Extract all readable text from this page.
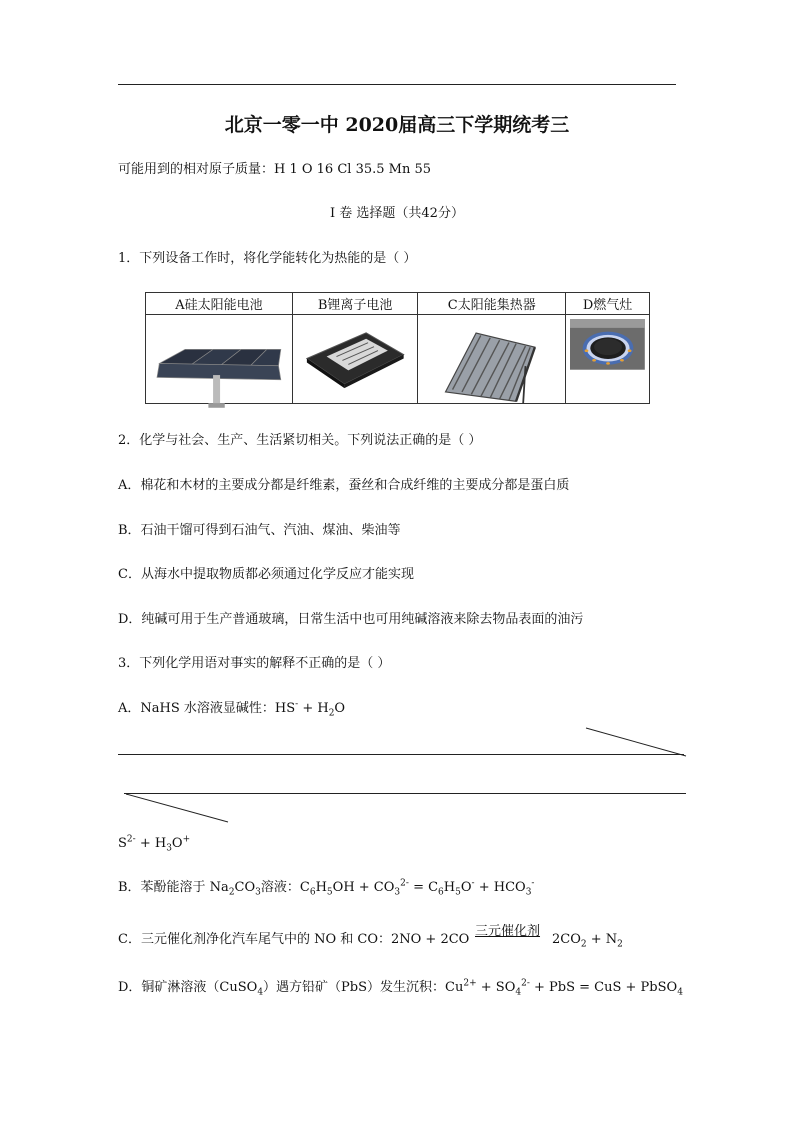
北京一零一中 2020届高三下学期统考三
可能用到的相对原子质量：H 1 O 16 Cl 35.5 Mn 55
I 卷 选择题（共42分）
1．下列设备工作时，将化学能转化为热能的是（ ）
A硅太阳能电池	B锂离子电池	C太阳能集热器	D燃气灶

2．化学与社会、生产、生活紧切相关。下列说法正确的是（ ）
A．棉花和木材的主要成分都是纤维素，蚕丝和合成纤维的主要成分都是蛋白质
B．石油干馏可得到石油气、汽油、煤油、柴油等
C．从海水中提取物质都必须通过化学反应才能实现
D．纯碱可用于生产普通玻璃，日常生活中也可用纯碱溶液来除去物品表面的油污
3．下列化学用语对事实的解释不正确的是（ ）
A．NaHS 水溶液显碱性：$HS^- + H_2O$
$S^{2-} + H_3O^+$
B．苯酚能溶于 $Na_2CO_3$溶液：$C_6H_5OH + CO_3^{2-} = C_6H_5O^- + HCO_3^-$
C．三元催化剂净化汽车尾气中的 NO 和 CO：2NO + 2CO
三元催化剂
$2CO_2 + N_2$
D．铜矿淋溶液（CuSO$_4$）遇方铅矿（PbS）发生沉积：$Cu^{2+} + SO_4^{2-}$ + PbS = CuS + PbSO$_4$
